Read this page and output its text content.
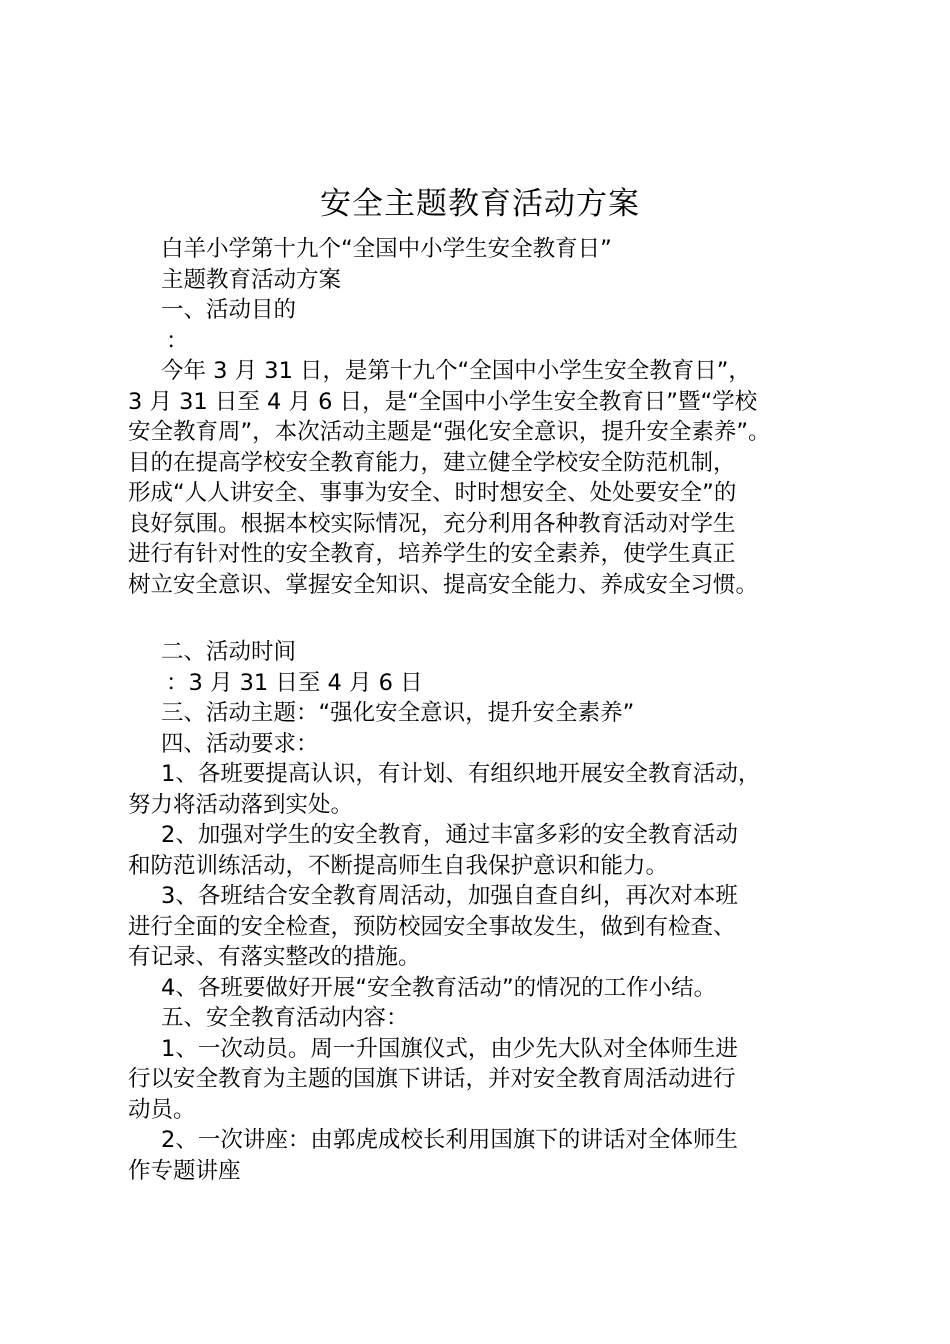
安全主题教育活动方案
白羊小学第十九个“全国中小学生安全教育日”
主题教育活动方案
一、活动目的
：
今年 3 月 31 日，是第十九个“全国中小学生安全教育日”，
3 月 31 日至 4 月 6 日，是“全国中小学生安全教育日”暨“学校
安全教育周”，本次活动主题是“强化安全意识，提升安全素养”。
目的在提高学校安全教育能力，建立健全学校安全防范机制，
形成“人人讲安全、事事为安全、时时想安全、处处要安全”的
良好氛围。根据本校实际情况，充分利用各种教育活动对学生
进行有针对性的安全教育，培养学生的安全素养，使学生真正
树立安全意识、掌握安全知识、提高安全能力、养成安全习惯。
二、活动时间
：3 月 31 日至 4 月 6 日
三、活动主题：“强化安全意识，提升安全素养”
四、活动要求：
1、各班要提高认识，有计划、有组织地开展安全教育活动，
努力将活动落到实处。
2、加强对学生的安全教育，通过丰富多彩的安全教育活动
和防范训练活动，不断提高师生自我保护意识和能力。
3、各班结合安全教育周活动，加强自查自纠，再次对本班
进行全面的安全检查，预防校园安全事故发生，做到有检查、
有记录、有落实整改的措施。
4、各班要做好开展“安全教育活动”的情况的工作小结。
五、安全教育活动内容：
1、一次动员。周一升国旗仪式，由少先大队对全体师生进
行以安全教育为主题的国旗下讲话，并对安全教育周活动进行
动员。
2、一次讲座：由郭虎成校长利用国旗下的讲话对全体师生
作专题讲座
